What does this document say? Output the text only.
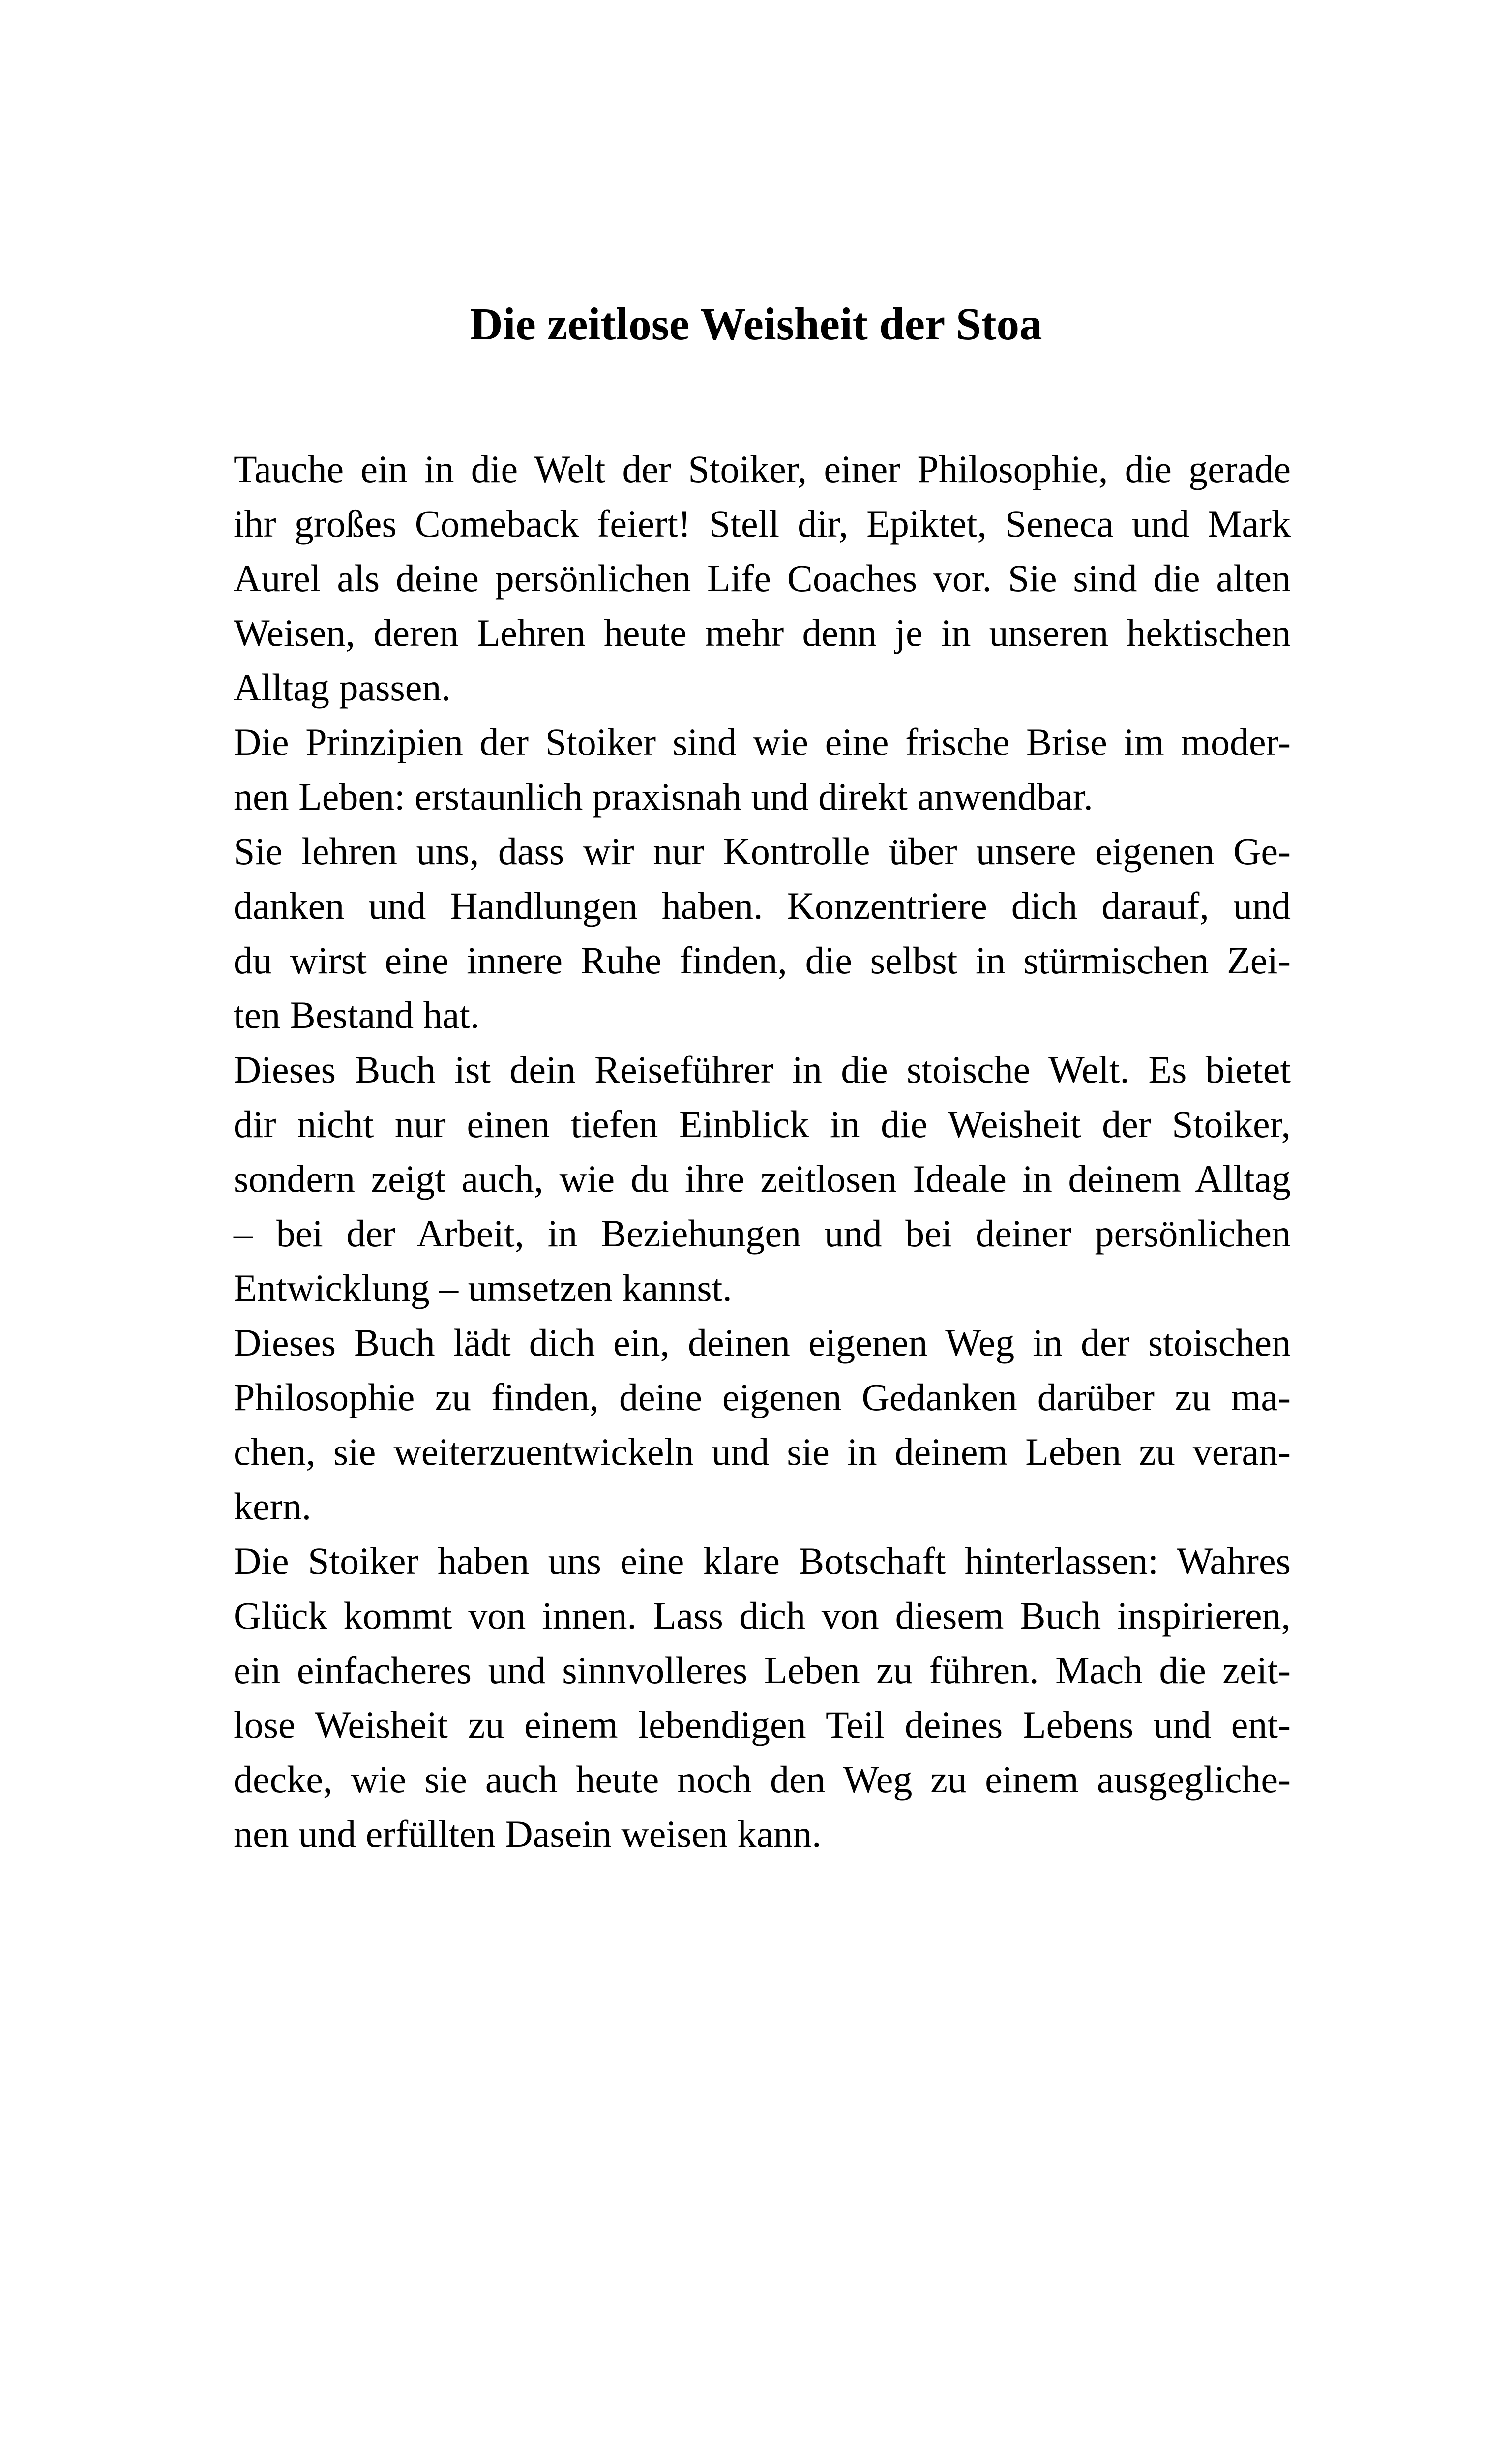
Die zeitlose Weisheit der Stoa
Tauche ein in die Welt der Stoiker, einer Philosophie, die gerade
ihr großes Comeback feiert! Stell dir, Epiktet, Seneca und Mark
Aurel als deine persönlichen Life Coaches vor. Sie sind die alten
Weisen, deren Lehren heute mehr denn je in unseren hektischen
Alltag passen.
Die Prinzipien der Stoiker sind wie eine frische Brise im moder-
nen Leben: erstaunlich praxisnah und direkt anwendbar.
Sie lehren uns, dass wir nur Kontrolle über unsere eigenen Ge-
danken und Handlungen haben. Konzentriere dich darauf, und
du wirst eine innere Ruhe finden, die selbst in stürmischen Zei-
ten Bestand hat.
Dieses Buch ist dein Reiseführer in die stoische Welt. Es bietet
dir nicht nur einen tiefen Einblick in die Weisheit der Stoiker,
sondern zeigt auch, wie du ihre zeitlosen Ideale in deinem Alltag
– bei der Arbeit, in Beziehungen und bei deiner persönlichen
Entwicklung – umsetzen kannst.
Dieses Buch lädt dich ein, deinen eigenen Weg in der stoischen
Philosophie zu finden, deine eigenen Gedanken darüber zu ma-
chen, sie weiterzuentwickeln und sie in deinem Leben zu veran-
kern.
Die Stoiker haben uns eine klare Botschaft hinterlassen: Wahres
Glück kommt von innen. Lass dich von diesem Buch inspirieren,
ein einfacheres und sinnvolleres Leben zu führen. Mach die zeit-
lose Weisheit zu einem lebendigen Teil deines Lebens und ent-
decke, wie sie auch heute noch den Weg zu einem ausgegliche-
nen und erfüllten Dasein weisen kann.
